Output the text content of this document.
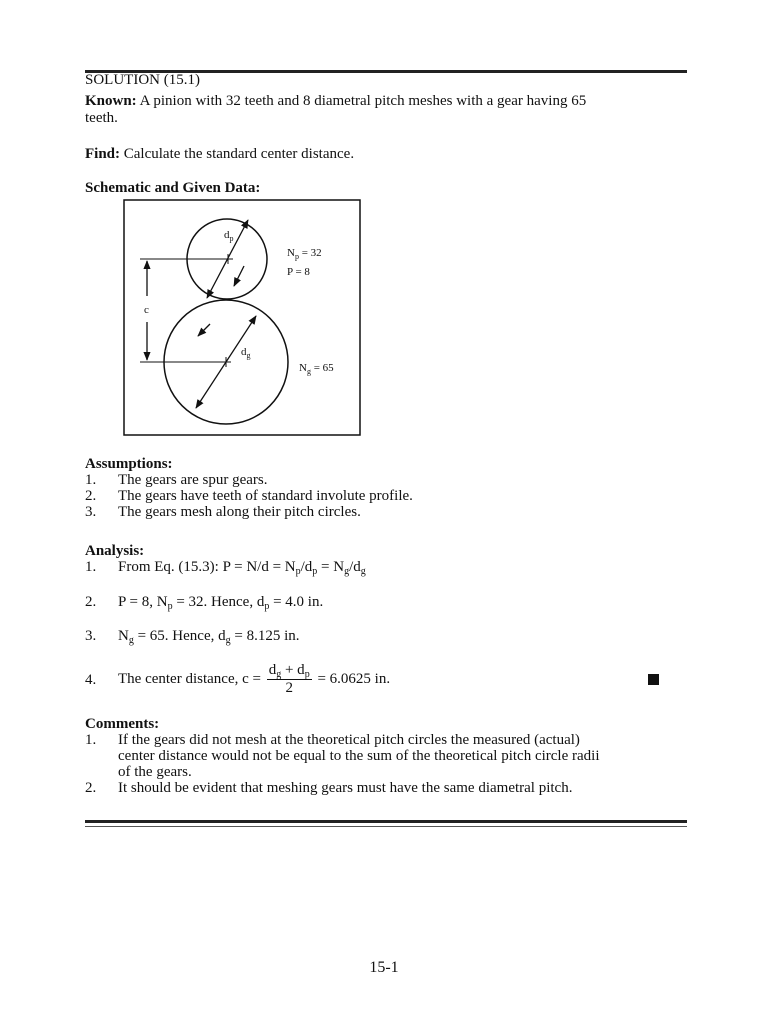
SOLUTION (15.1)
Known: A pinion with 32 teeth and 8 diametral pitch meshes with a gear having 65
teeth.
Find: Calculate the standard center distance.
Schematic and Given Data:
c
$d_p$
$d_g$
$N_p = 32$
P = 8
$N_g = 65$
Assumptions:
1.	The gears are spur gears.
2.	The gears have teeth of standard involute profile.
3.	The gears mesh along their pitch circles.
Analysis:
1.	From Eq. (15.3): $P = N/d = N_p/d_p = N_g/d_g$
2.	P = 8, $N_p = 32$. Hence, $d_p = 4.0$ in.
3.	$N_g = 65$. Hence, $d_g = 8.125$ in.
4.	The center distance, $c = \frac{d_g + d_p}{2} = 6.0625$ in.
Comments:
1.	If the gears did not mesh at the theoretical pitch circles the measured (actual)
center distance would not be equal to the sum of the theoretical pitch circle radii
of the gears.
2.	It should be evident that meshing gears must have the same diametral pitch.
15-1
